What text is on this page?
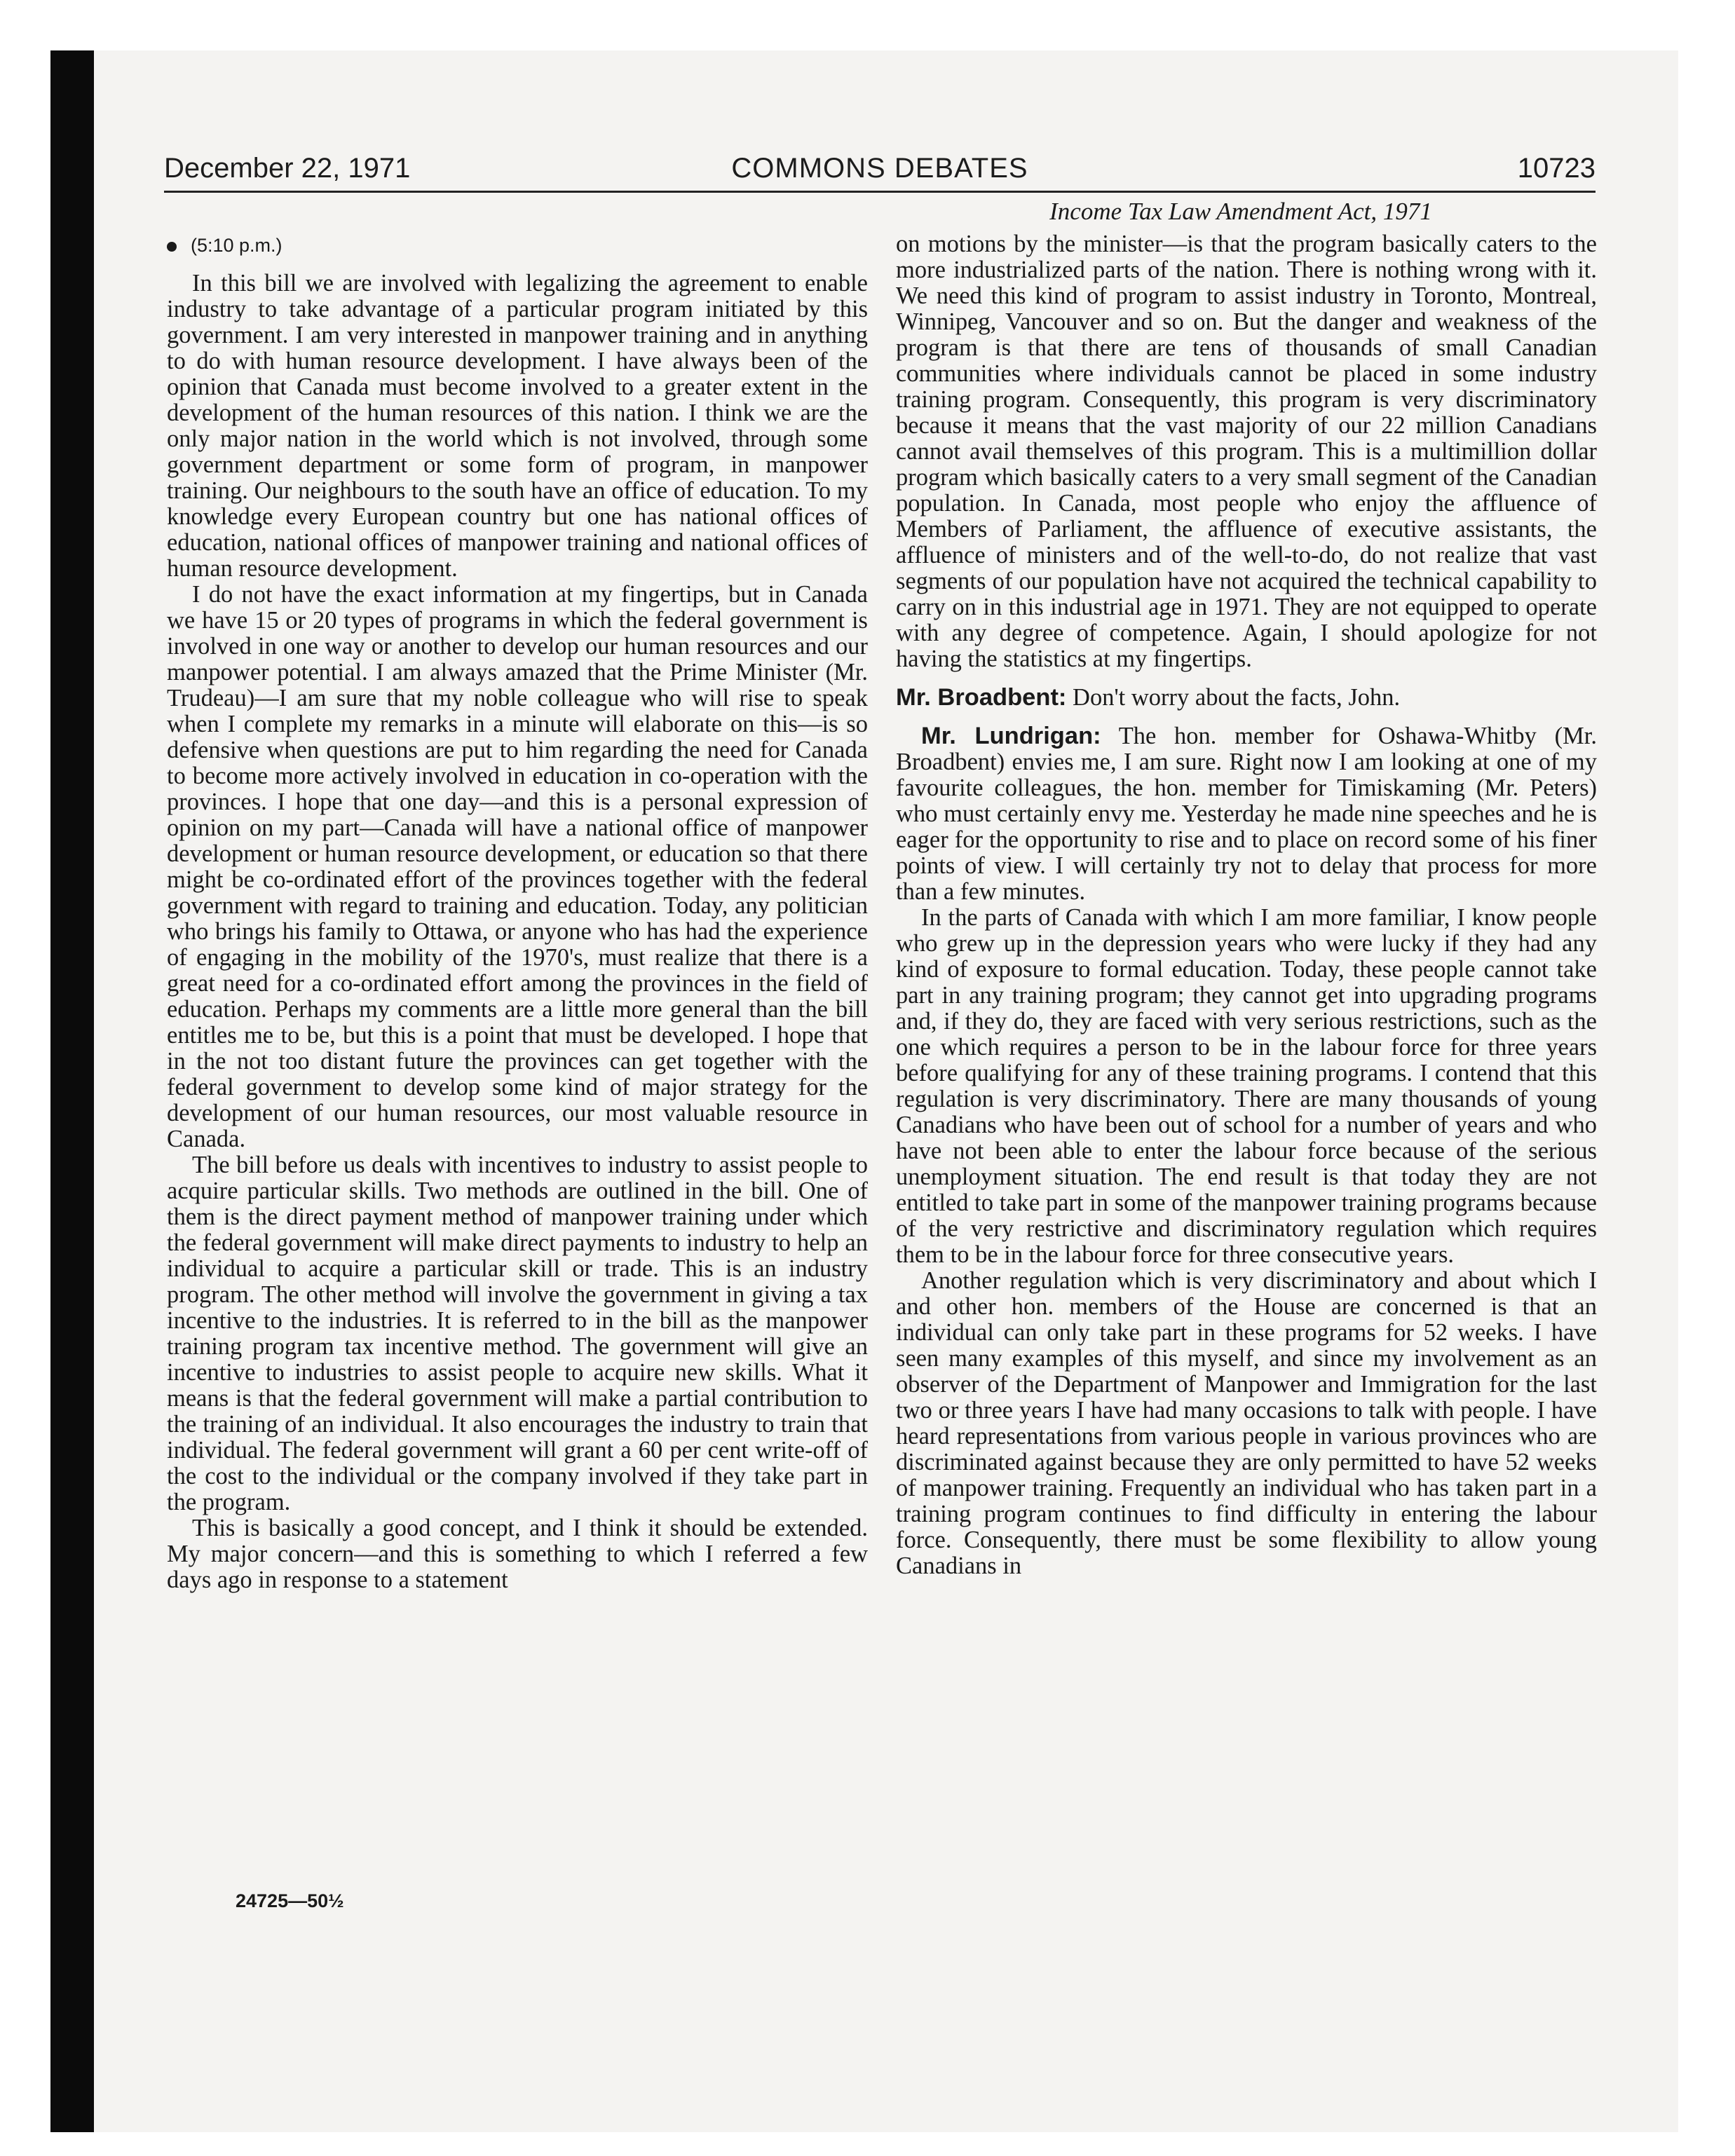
December 22, 1971	COMMONS DEBATES	10723
Income Tax Law Amendment Act, 1971
(5:10 p.m.)

In this bill we are involved with legalizing the agreement to enable industry to take advantage of a particular program initiated by this government. I am very interested in manpower training and in anything to do with human resource development. I have always been of the opinion that Canada must become involved to a greater extent in the development of the human resources of this nation. I think we are the only major nation in the world which is not involved, through some government department or some form of program, in manpower training. Our neighbours to the south have an office of education. To my knowledge every European country but one has national offices of education, national offices of manpower training and national offices of human resource development.

I do not have the exact information at my fingertips, but in Canada we have 15 or 20 types of programs in which the federal government is involved in one way or another to develop our human resources and our manpower potential. I am always amazed that the Prime Minister (Mr. Trudeau)—I am sure that my noble colleague who will rise to speak when I complete my remarks in a minute will elaborate on this—is so defensive when questions are put to him regarding the need for Canada to become more actively involved in education in co-operation with the provinces. I hope that one day—and this is a personal expression of opinion on my part—Canada will have a national office of manpower development or human resource development, or education so that there might be co-ordinated effort of the provinces together with the federal government with regard to training and education. Today, any politician who brings his family to Ottawa, or anyone who has had the experience of engaging in the mobility of the 1970's, must realize that there is a great need for a co-ordinated effort among the provinces in the field of education. Perhaps my comments are a little more general than the bill entitles me to be, but this is a point that must be developed. I hope that in the not too distant future the provinces can get together with the federal government to develop some kind of major strategy for the development of our human resources, our most valuable resource in Canada.

The bill before us deals with incentives to industry to assist people to acquire particular skills. Two methods are outlined in the bill. One of them is the direct payment method of manpower training under which the federal government will make direct payments to industry to help an individual to acquire a particular skill or trade. This is an industry program. The other method will involve the government in giving a tax incentive to the industries. It is referred to in the bill as the manpower training program tax incentive method. The government will give an incentive to industries to assist people to acquire new skills. What it means is that the federal government will make a partial contribution to the training of an individual. It also encourages the industry to train that individual. The federal government will grant a 60 per cent write-off of the cost to the individual or the company involved if they take part in the program.

This is basically a good concept, and I think it should be extended. My major concern—and this is something to which I referred a few days ago in response to a statement

on motions by the minister—is that the program basically caters to the more industrialized parts of the nation. There is nothing wrong with it. We need this kind of program to assist industry in Toronto, Montreal, Winnipeg, Vancouver and so on. But the danger and weakness of the program is that there are tens of thousands of small Canadian communities where individuals cannot be placed in some industry training program. Consequently, this program is very discriminatory because it means that the vast majority of our 22 million Canadians cannot avail themselves of this program. This is a multimillion dollar program which basically caters to a very small segment of the Canadian population. In Canada, most people who enjoy the affluence of Members of Parliament, the affluence of executive assistants, the affluence of ministers and of the well-to-do, do not realize that vast segments of our population have not acquired the technical capability to carry on in this industrial age in 1971. They are not equipped to operate with any degree of competence. Again, I should apologize for not having the statistics at my fingertips.

Mr. Broadbent: Don't worry about the facts, John.

Mr. Lundrigan: The hon. member for Oshawa-Whitby (Mr. Broadbent) envies me, I am sure. Right now I am looking at one of my favourite colleagues, the hon. member for Timiskaming (Mr. Peters) who must certainly envy me. Yesterday he made nine speeches and he is eager for the opportunity to rise and to place on record some of his finer points of view. I will certainly try not to delay that process for more than a few minutes.

In the parts of Canada with which I am more familiar, I know people who grew up in the depression years who were lucky if they had any kind of exposure to formal education. Today, these people cannot take part in any training program; they cannot get into upgrading programs and, if they do, they are faced with very serious restrictions, such as the one which requires a person to be in the labour force for three years before qualifying for any of these training programs. I contend that this regulation is very discriminatory. There are many thousands of young Canadians who have been out of school for a number of years and who have not been able to enter the labour force because of the serious unemployment situation. The end result is that today they are not entitled to take part in some of the manpower training programs because of the very restrictive and discriminatory regulation which requires them to be in the labour force for three consecutive years.

Another regulation which is very discriminatory and about which I and other hon. members of the House are concerned is that an individual can only take part in these programs for 52 weeks. I have seen many examples of this myself, and since my involvement as an observer of the Department of Manpower and Immigration for the last two or three years I have had many occasions to talk with people. I have heard representations from various people in various provinces who are discriminated against because they are only permitted to have 52 weeks of manpower training. Frequently an individual who has taken part in a training program continues to find difficulty in entering the labour force. Consequently, there must be some flexibility to allow young Canadians in

24725—50½
